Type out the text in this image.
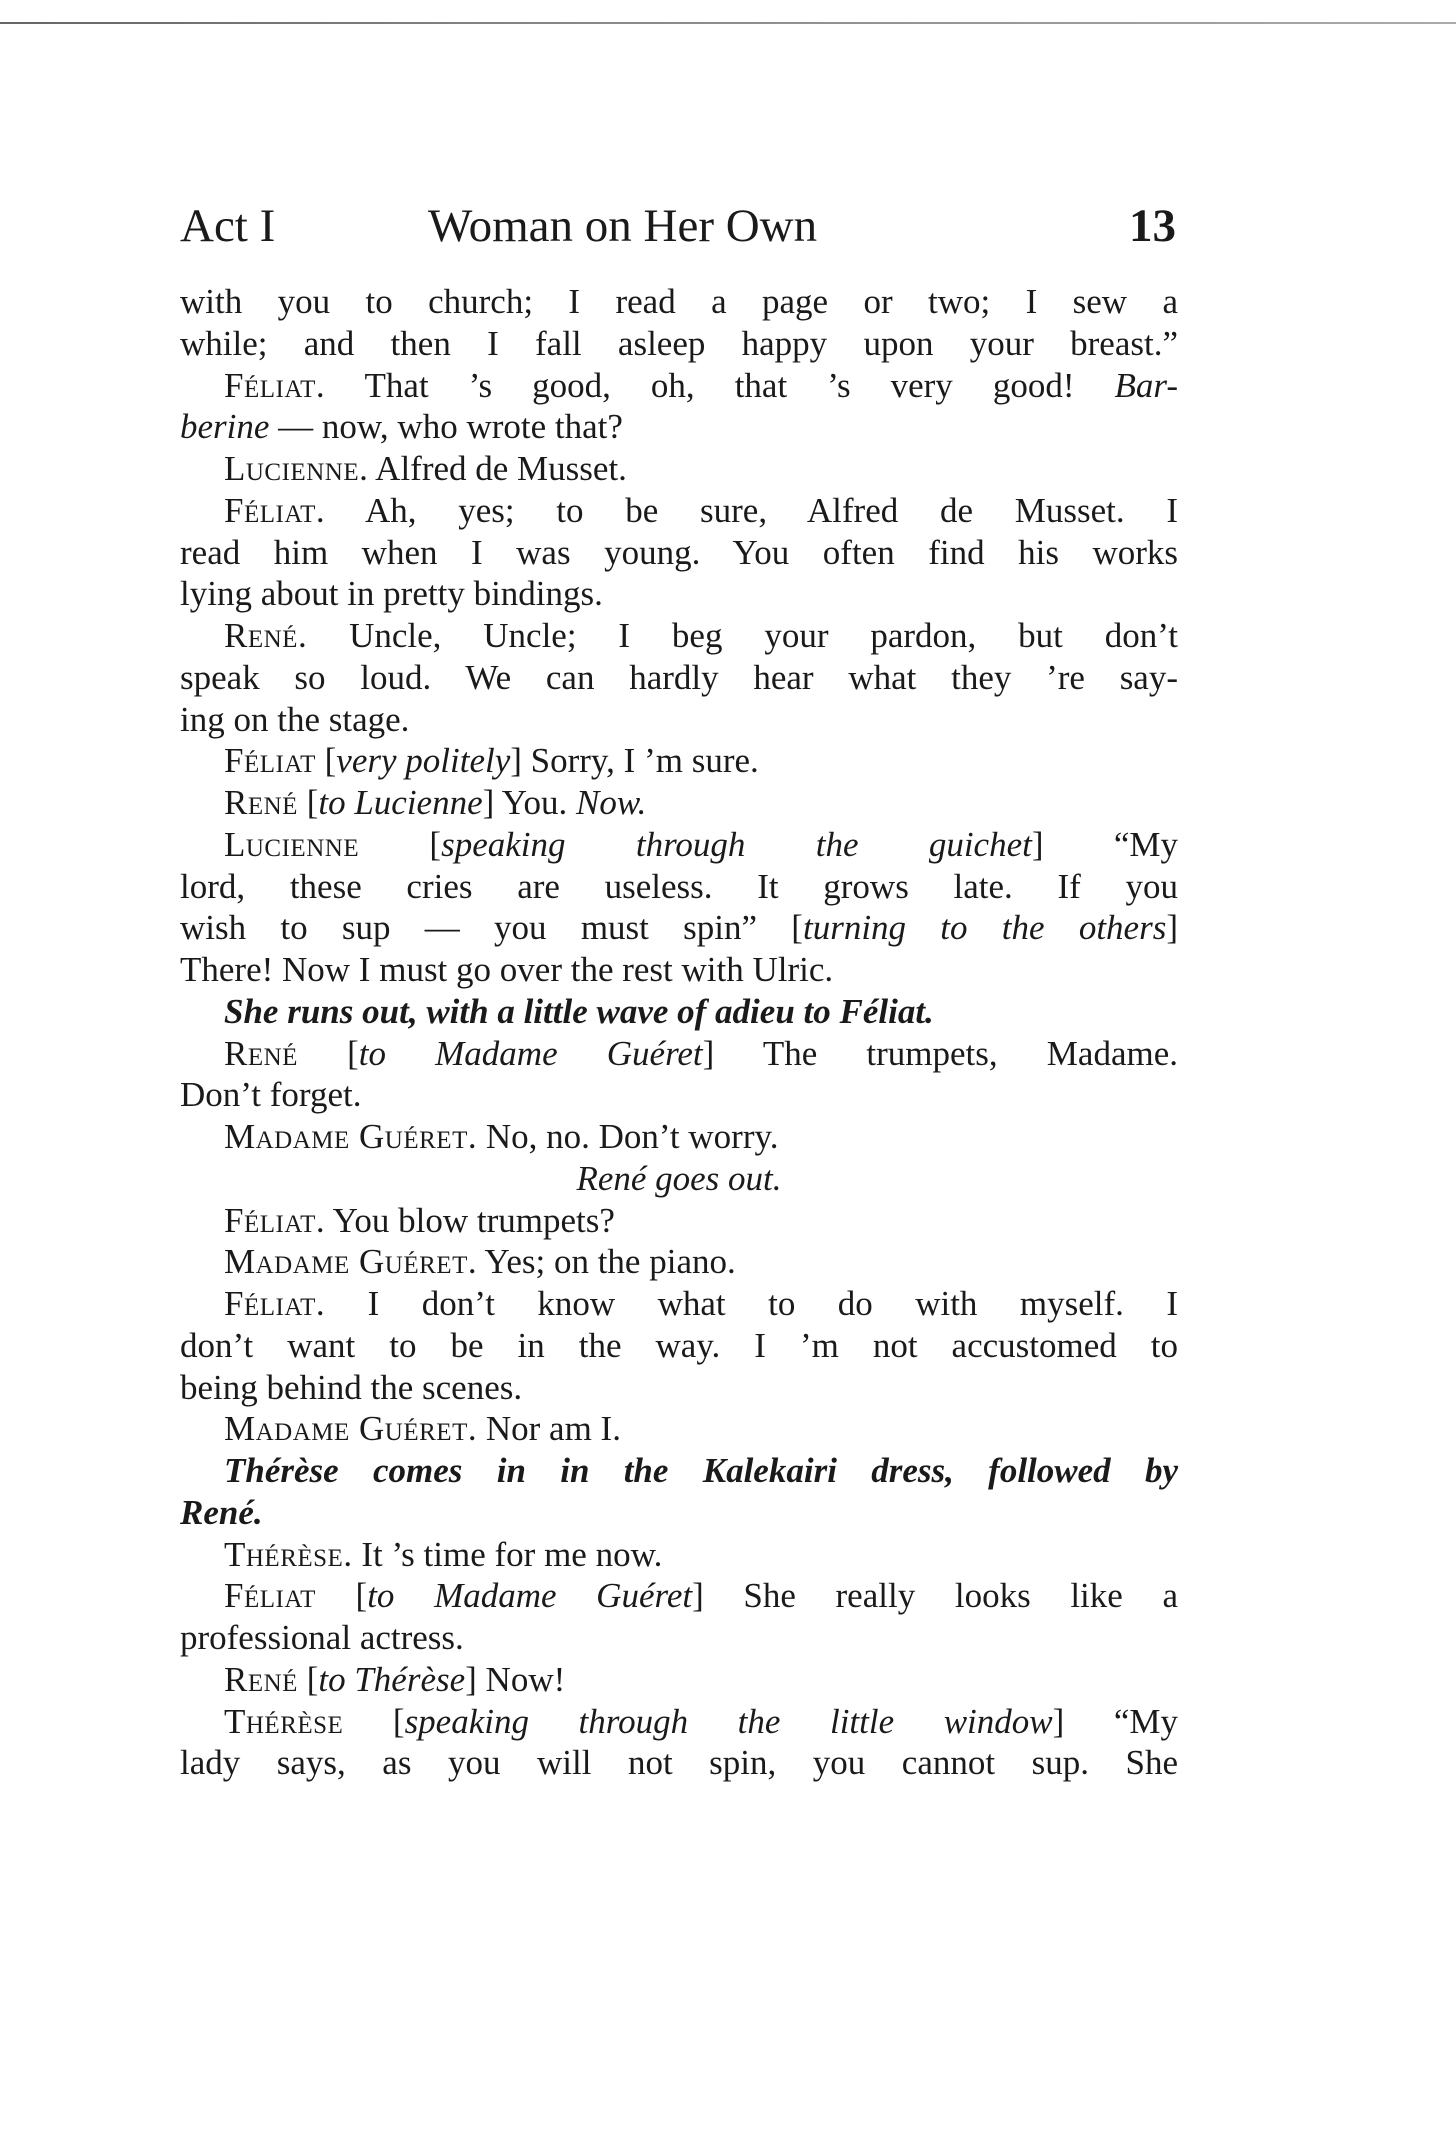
Act I	Woman on Her Own	13
with you to church; I read a page or two; I sew a
while; and then I fall asleep happy upon your breast.”
Féliat. That ’s good, oh, that ’s very good! Bar-
berine — now, who wrote that?
Lucienne. Alfred de Musset.
Féliat. Ah, yes; to be sure, Alfred de Musset. I
read him when I was young. You often find his works
lying about in pretty bindings.
René. Uncle, Uncle; I beg your pardon, but don’t
speak so loud. We can hardly hear what they ’re say-
ing on the stage.
Féliat [very politely] Sorry, I ’m sure.
René [to Lucienne] You. Now.
Lucienne [speaking through the guichet] “My
lord, these cries are useless. It grows late. If you
wish to sup — you must spin” [turning to the others]
There! Now I must go over the rest with Ulric.
She runs out, with a little wave of adieu to Féliat.
René [to Madame Guéret] The trumpets, Madame.
Don’t forget.
Madame Guéret. No, no. Don’t worry.
René goes out.
Féliat. You blow trumpets?
Madame Guéret. Yes; on the piano.
Féliat. I don’t know what to do with myself. I
don’t want to be in the way. I ’m not accustomed to
being behind the scenes.
Madame Guéret. Nor am I.
Thérèse comes in in the Kalekairi dress, followed by
René.
Thérèse. It ’s time for me now.
Féliat [to Madame Guéret] She really looks like a
professional actress.
René [to Thérèse] Now!
Thérèse [speaking through the little window] “My
lady says, as you will not spin, you cannot sup. She
